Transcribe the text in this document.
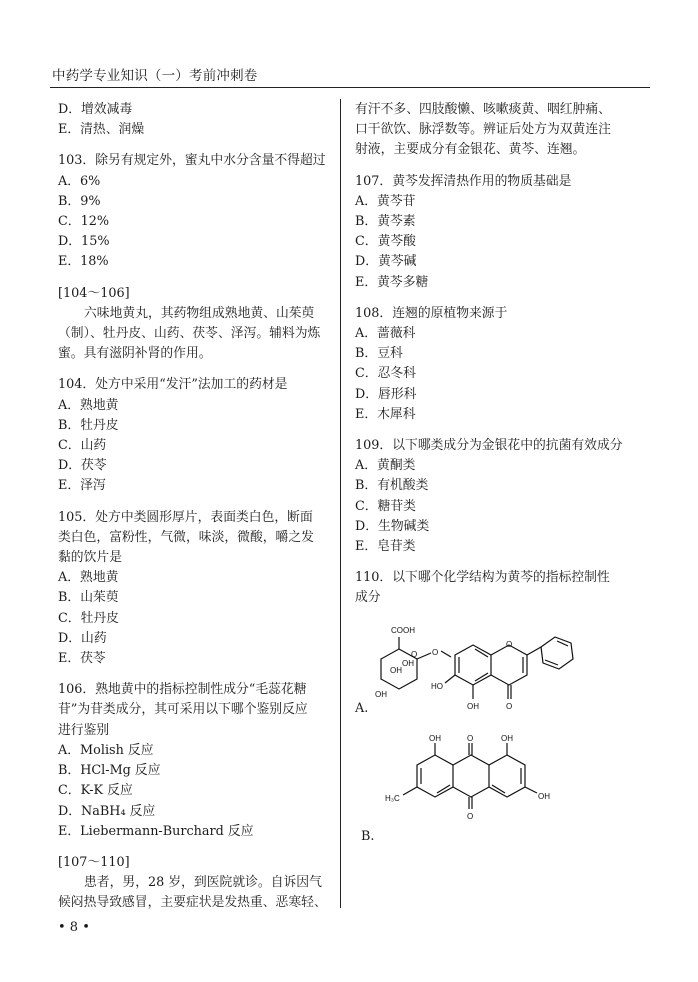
中药学专业知识（一）考前冲刺卷
D．增效减毒
E．清热、润燥
103．除另有规定外，蜜丸中水分含量不得超过
A．6%
B．9%
C．12%
D．15%
E．18%
[104～106]
六味地黄丸，其药物组成熟地黄、山茱萸
（制）、牡丹皮、山药、茯苓、泽泻。辅料为炼
蜜。具有滋阴补肾的作用。
104．处方中采用“发汗”法加工的药材是
A．熟地黄
B．牡丹皮
C．山药
D．茯苓
E．泽泻
105．处方中类圆形厚片，表面类白色，断面
类白色，富粉性，气微，味淡，微酸，嚼之发
黏的饮片是
A．熟地黄
B．山茱萸
C．牡丹皮
D．山药
E．茯苓
106．熟地黄中的指标控制性成分“毛蕊花糖
苷”为苷类成分，其可采用以下哪个鉴别反应
进行鉴别
A．Molish 反应
B．HCl-Mg 反应
C．K-K 反应
D．NaBH₄ 反应
E．Liebermann-Burchard 反应
[107～110]
患者，男，28 岁，到医院就诊。自诉因气
候闷热导致感冒，主要症状是发热重、恶寒轻、
有汗不多、四肢酸懒、咳嗽痰黄、咽红肿痛、
口干欲饮、脉浮数等。辨证后处方为双黄连注
射液，主要成分有金银花、黄芩、连翘。
107．黄芩发挥清热作用的物质基础是
A．黄芩苷
B．黄芩素
C．黄芩酸
D．黄芩碱
E．黄芩多糖
108．连翘的原植物来源于
A．蔷薇科
B．豆科
C．忍冬科
D．唇形科
E．木犀科
109．以下哪类成分为金银花中的抗菌有效成分
A．黄酮类
B．有机酸类
C．糖苷类
D．生物碱类
E．皂苷类
110．以下哪个化学结构为黄芩的指标控制性
成分
A.
COOH
OH
OH
OH
O O
O
HO
OH	O
B.
OH	O	OH
H₃C
O
OH
• 8 •
